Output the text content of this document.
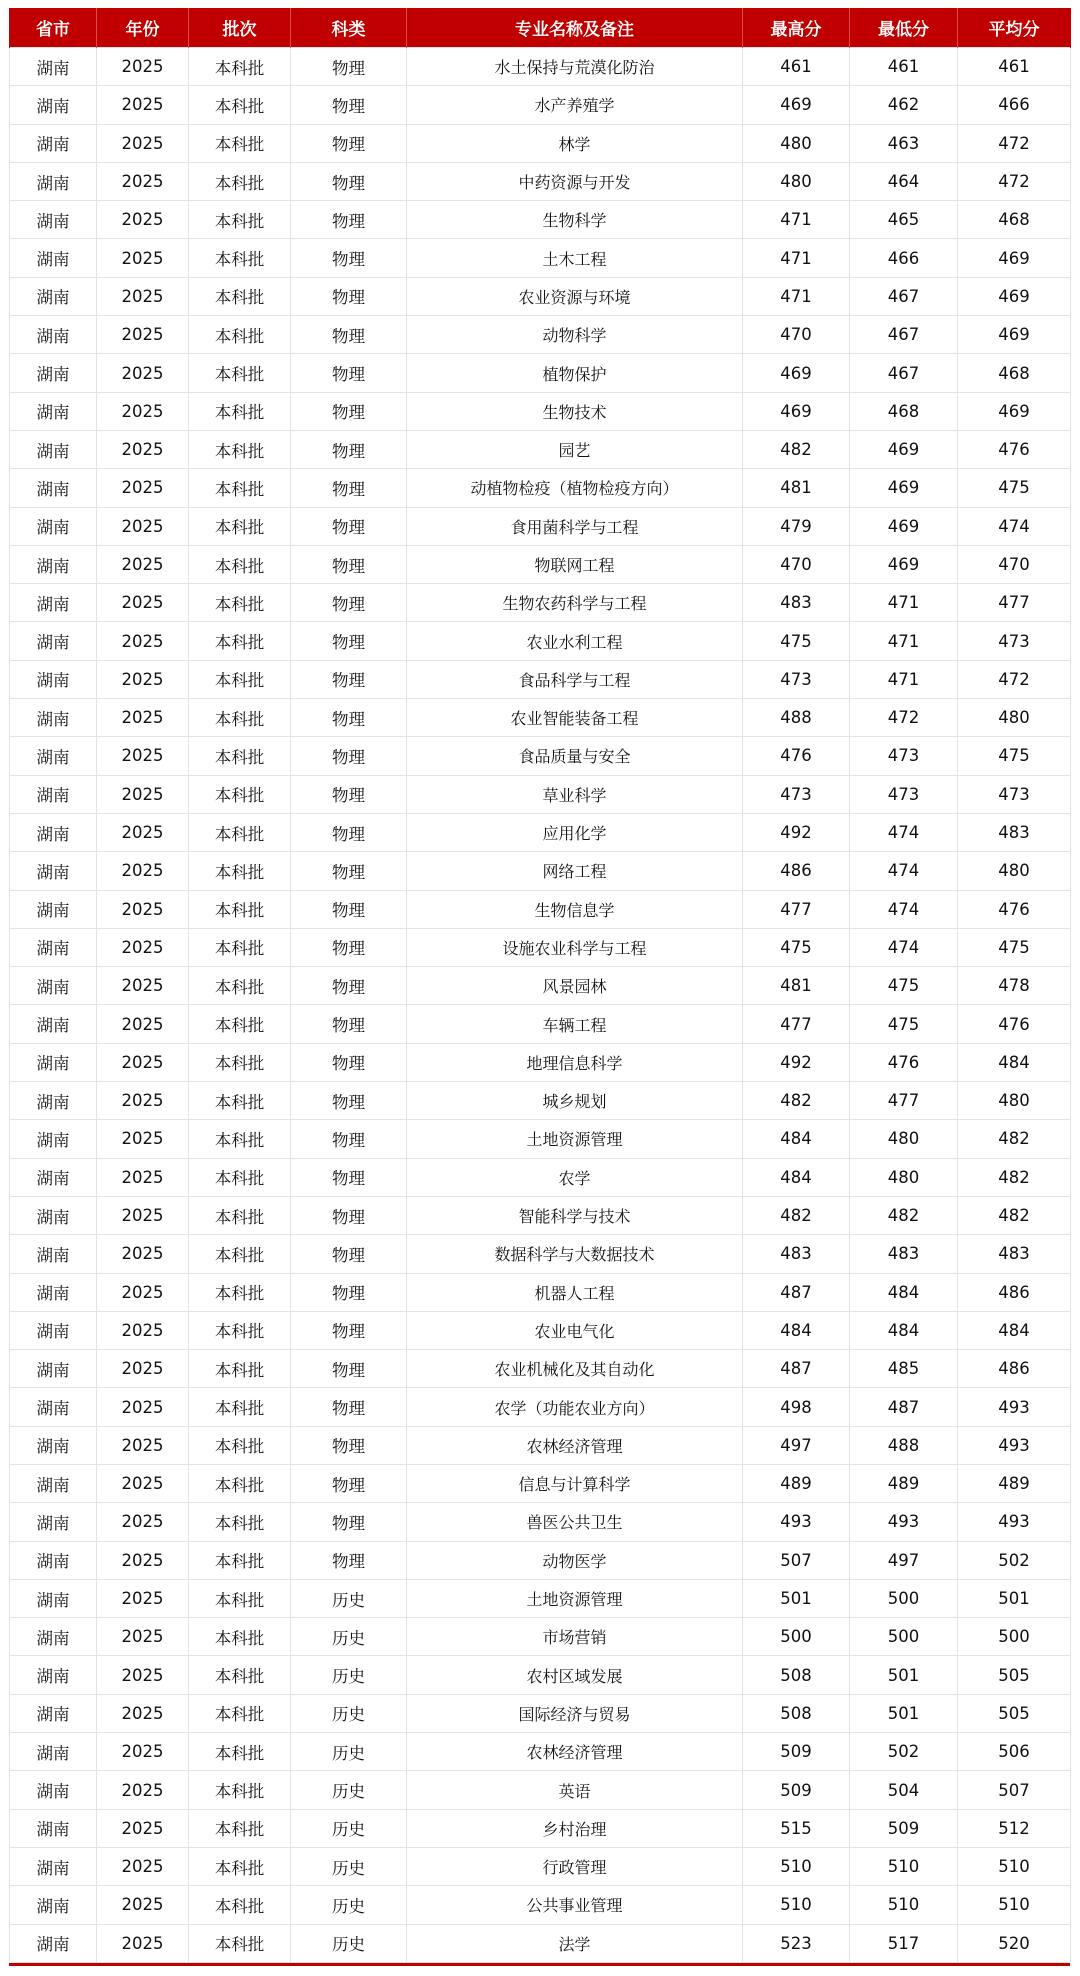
省市	年份	批次	科类	专业名称及备注	最高分	最低分	平均分
湖南	2025	本科批	物理	水土保持与荒漠化防治	461	461	461
湖南	2025	本科批	物理	水产养殖学	469	462	466
湖南	2025	本科批	物理	林学	480	463	472
湖南	2025	本科批	物理	中药资源与开发	480	464	472
湖南	2025	本科批	物理	生物科学	471	465	468
湖南	2025	本科批	物理	土木工程	471	466	469
湖南	2025	本科批	物理	农业资源与环境	471	467	469
湖南	2025	本科批	物理	动物科学	470	467	469
湖南	2025	本科批	物理	植物保护	469	467	468
湖南	2025	本科批	物理	生物技术	469	468	469
湖南	2025	本科批	物理	园艺	482	469	476
湖南	2025	本科批	物理	动植物检疫（植物检疫方向）	481	469	475
湖南	2025	本科批	物理	食用菌科学与工程	479	469	474
湖南	2025	本科批	物理	物联网工程	470	469	470
湖南	2025	本科批	物理	生物农药科学与工程	483	471	477
湖南	2025	本科批	物理	农业水利工程	475	471	473
湖南	2025	本科批	物理	食品科学与工程	473	471	472
湖南	2025	本科批	物理	农业智能装备工程	488	472	480
湖南	2025	本科批	物理	食品质量与安全	476	473	475
湖南	2025	本科批	物理	草业科学	473	473	473
湖南	2025	本科批	物理	应用化学	492	474	483
湖南	2025	本科批	物理	网络工程	486	474	480
湖南	2025	本科批	物理	生物信息学	477	474	476
湖南	2025	本科批	物理	设施农业科学与工程	475	474	475
湖南	2025	本科批	物理	风景园林	481	475	478
湖南	2025	本科批	物理	车辆工程	477	475	476
湖南	2025	本科批	物理	地理信息科学	492	476	484
湖南	2025	本科批	物理	城乡规划	482	477	480
湖南	2025	本科批	物理	土地资源管理	484	480	482
湖南	2025	本科批	物理	农学	484	480	482
湖南	2025	本科批	物理	智能科学与技术	482	482	482
湖南	2025	本科批	物理	数据科学与大数据技术	483	483	483
湖南	2025	本科批	物理	机器人工程	487	484	486
湖南	2025	本科批	物理	农业电气化	484	484	484
湖南	2025	本科批	物理	农业机械化及其自动化	487	485	486
湖南	2025	本科批	物理	农学（功能农业方向）	498	487	493
湖南	2025	本科批	物理	农林经济管理	497	488	493
湖南	2025	本科批	物理	信息与计算科学	489	489	489
湖南	2025	本科批	物理	兽医公共卫生	493	493	493
湖南	2025	本科批	物理	动物医学	507	497	502
湖南	2025	本科批	历史	土地资源管理	501	500	501
湖南	2025	本科批	历史	市场营销	500	500	500
湖南	2025	本科批	历史	农村区域发展	508	501	505
湖南	2025	本科批	历史	国际经济与贸易	508	501	505
湖南	2025	本科批	历史	农林经济管理	509	502	506
湖南	2025	本科批	历史	英语	509	504	507
湖南	2025	本科批	历史	乡村治理	515	509	512
湖南	2025	本科批	历史	行政管理	510	510	510
湖南	2025	本科批	历史	公共事业管理	510	510	510
湖南	2025	本科批	历史	法学	523	517	520
